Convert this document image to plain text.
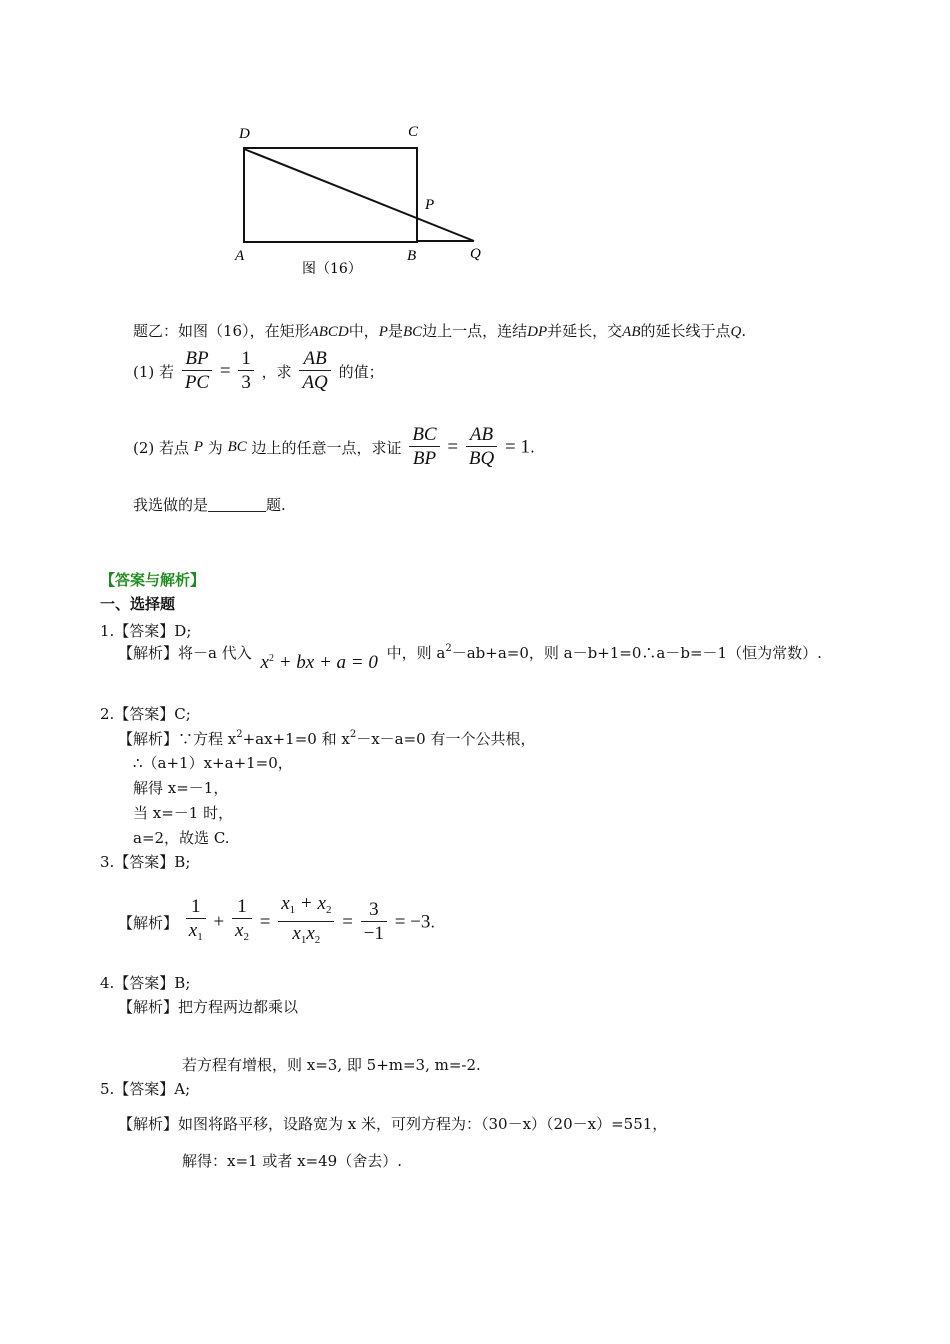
D	C
P
A	B	Q
图（16）
题乙：如图（16），在矩形ABCD中，P是BC边上一点，连结DP并延长，交AB的延长线于点Q.
(1) 若 $\frac{BP}{PC} = \frac{1}{3}$ ，求 $\frac{AB}{AQ}$ 的值；
(2) 若点 P 为 BC 边上的任意一点，求证 $\frac{BC}{BP} = \frac{AB}{BQ} = 1$.
我选做的是	题.
【答案与解析】
一、选择题
1.【答案】D;
【解析】将－a 代入 $x^2$ + bx + a = 0 中，则 $a^2-ab+a=0$，则 a－b+1=0∴a－b=－1（恒为常数）.
2.【答案】C;
【解析】∵方程 $x^2+ax+1=0$ 和 $x^2-x-a=0$ 有一个公共根，
∴（a+1）x+a+1=0，
解得 x=－1，
当 x=－1 时，
a=2，故选 C.
3.【答案】B;
【解析】 $\frac{1}{x_1} + \frac{1}{x_2} = \frac{x_1 + x_2}{x_1x_2} = \frac{3}{-1} = -3$.
4.【答案】B;
【解析】把方程两边都乘以
若方程有增根，则 x=3, 即 5+m=3, m=-2.
5.【答案】A;
【解析】如图将路平移，设路宽为 x 米，可列方程为：（30－x）（20－x）=551，
解得：x=1 或者 x=49（舍去）.
